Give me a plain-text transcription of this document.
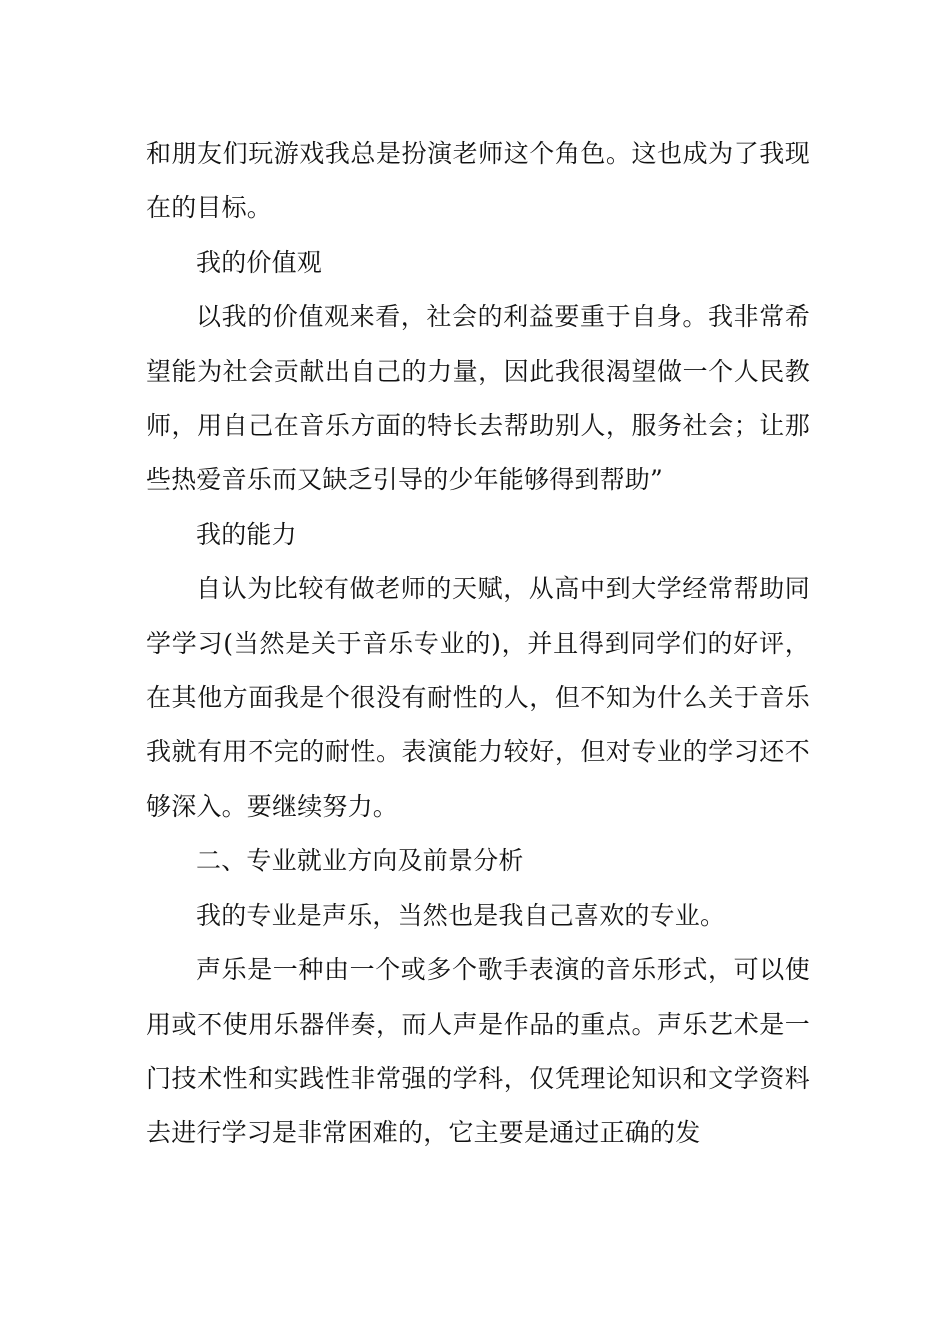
和朋友们玩游戏我总是扮演老师这个角色。这也成为了我现在的目标。

我的价值观

以我的价值观来看，社会的利益要重于自身。我非常希望能为社会贡献出自己的力量，因此我很渴望做一个人民教师，用自己在音乐方面的特长去帮助别人，服务社会；让那些热爱音乐而又缺乏引导的少年能够得到帮助”

我的能力

自认为比较有做老师的天赋，从高中到大学经常帮助同学学习(当然是关于音乐专业的)，并且得到同学们的好评，在其他方面我是个很没有耐性的人，但不知为什么关于音乐我就有用不完的耐性。表演能力较好，但对专业的学习还不够深入。要继续努力。

二、专业就业方向及前景分析

我的专业是声乐，当然也是我自己喜欢的专业。

声乐是一种由一个或多个歌手表演的音乐形式，可以使用或不使用乐器伴奏，而人声是作品的重点。声乐艺术是一门技术性和实践性非常强的学科，仅凭理论知识和文学资料去进行学习是非常困难的，它主要是通过正确的发
